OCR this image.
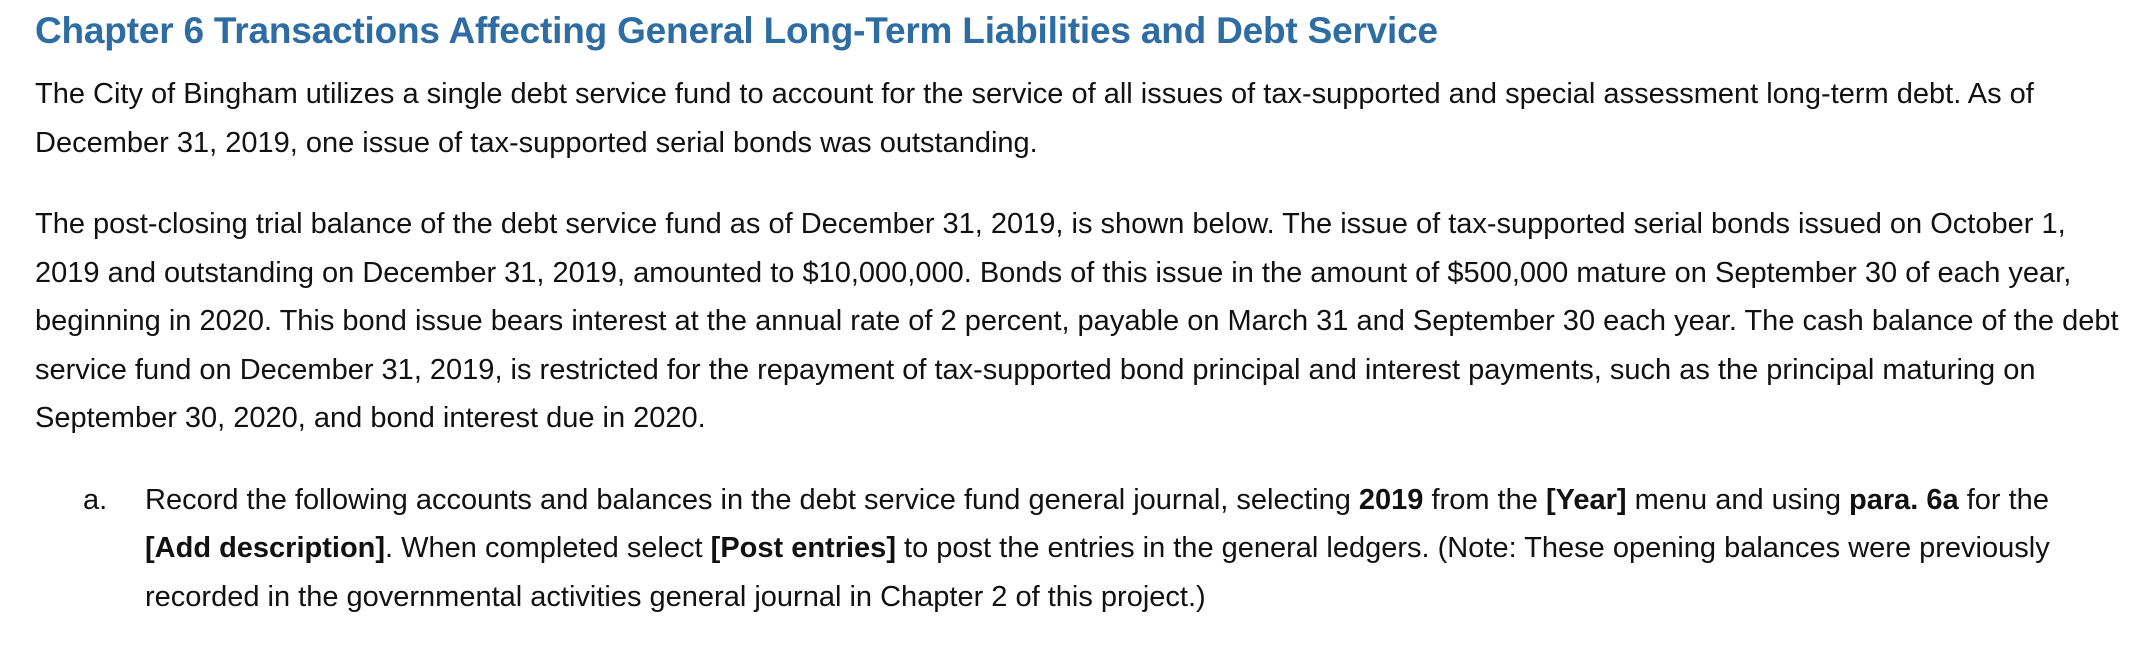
Chapter 6 Transactions Affecting General Long-Term Liabilities and Debt Service

The City of Bingham utilizes a single debt service fund to account for the service of all issues of tax-supported and special assessment long-term debt. As of December 31, 2019, one issue of tax-supported serial bonds was outstanding.

The post-closing trial balance of the debt service fund as of December 31, 2019, is shown below. The issue of tax-supported serial bonds issued on October 1, 2019 and outstanding on December 31, 2019, amounted to $10,000,000. Bonds of this issue in the amount of $500,000 mature on September 30 of each year, beginning in 2020. This bond issue bears interest at the annual rate of 2 percent, payable on March 31 and September 30 each year. The cash balance of the debt service fund on December 31, 2019, is restricted for the repayment of tax-supported bond principal and interest payments, such as the principal maturing on September 30, 2020, and bond interest due in 2020.

a.	Record the following accounts and balances in the debt service fund general journal, selecting 2019 from the [Year] menu and using para. 6a for the [Add description]. When completed select [Post entries] to post the entries in the general ledgers. (Note: These opening balances were previously recorded in the governmental activities general journal in Chapter 2 of this project.)
